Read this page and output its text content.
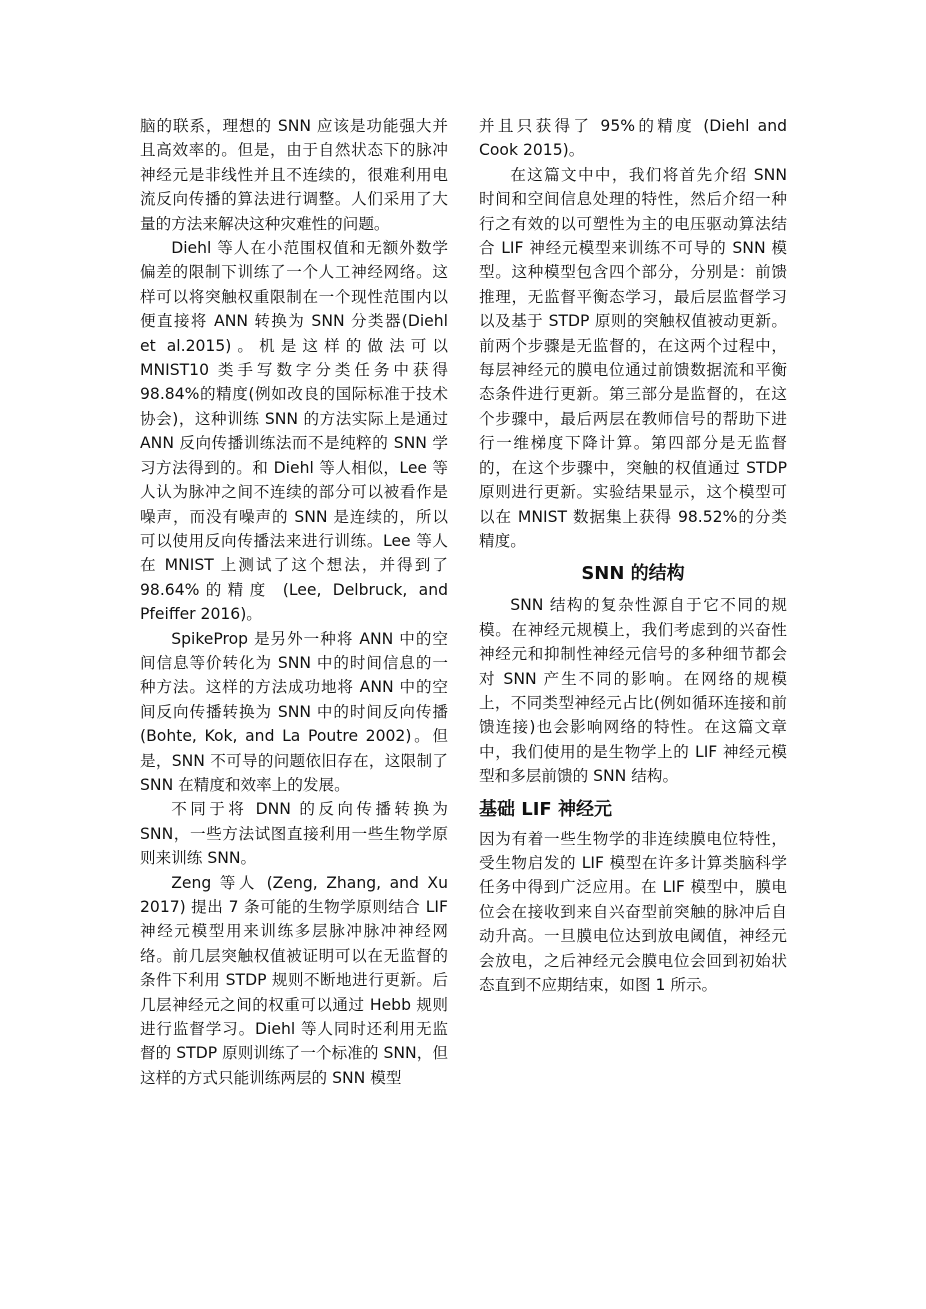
脑的联系，理想的 SNN 应该是功能强大并且高效率的。但是，由于自然状态下的脉冲神经元是非线性并且不连续的，很难利用电流反向传播的算法进行调整。人们采用了大量的方法来解决这种灾难性的问题。

Diehl 等人在小范围权值和无额外数学偏差的限制下训练了一个人工神经网络。这样可以将突触权重限制在一个现性范围内以便直接将 ANN 转换为 SNN 分类器(Diehl et al.2015)。机是这样的做法可以 MNIST10 类手写数字分类任务中获得 98.84%的精度(例如改良的国际标准于技术协会)，这种训练 SNN 的方法实际上是通过 ANN 反向传播训练法而不是纯粹的 SNN 学习方法得到的。和 Diehl 等人相似，Lee 等人认为脉冲之间不连续的部分可以被看作是噪声，而没有噪声的 SNN 是连续的，所以可以使用反向传播法来进行训练。Lee 等人在 MNIST 上测试了这个想法，并得到了 98.64%的精度 (Lee, Delbruck, and Pfeiffer 2016)。

SpikeProp 是另外一种将 ANN 中的空间信息等价转化为 SNN 中的时间信息的一种方法。这样的方法成功地将 ANN 中的空间反向传播转换为 SNN 中的时间反向传播(Bohte, Kok, and La Poutre 2002)。但是，SNN 不可导的问题依旧存在，这限制了 SNN 在精度和效率上的发展。

不同于将 DNN 的反向传播转换为 SNN，一些方法试图直接利用一些生物学原则来训练 SNN。

Zeng 等人 (Zeng, Zhang, and Xu 2017) 提出 7 条可能的生物学原则结合 LIF 神经元模型用来训练多层脉冲脉冲神经网络。前几层突触权值被证明可以在无监督的条件下利用 STDP 规则不断地进行更新。后几层神经元之间的权重可以通过 Hebb 规则进行监督学习。Diehl 等人同时还利用无监督的 STDP 原则训练了一个标准的 SNN，但这样的方式只能训练两层的 SNN 模型

并且只获得了 95%的精度 (Diehl and Cook 2015)。

在这篇文中中，我们将首先介绍 SNN 时间和空间信息处理的特性，然后介绍一种行之有效的以可塑性为主的电压驱动算法结合 LIF 神经元模型来训练不可导的 SNN 模型。这种模型包含四个部分，分别是：前馈推理，无监督平衡态学习，最后层监督学习以及基于 STDP 原则的突触权值被动更新。前两个步骤是无监督的，在这两个过程中，每层神经元的膜电位通过前馈数据流和平衡态条件进行更新。第三部分是监督的，在这个步骤中，最后两层在教师信号的帮助下进行一维梯度下降计算。第四部分是无监督的，在这个步骤中，突触的权值通过 STDP 原则进行更新。实验结果显示，这个模型可以在 MNIST 数据集上获得 98.52%的分类精度。

SNN 的结构

SNN 结构的复杂性源自于它不同的规模。在神经元规模上，我们考虑到的兴奋性神经元和抑制性神经元信号的多种细节都会对 SNN 产生不同的影响。在网络的规模上，不同类型神经元占比(例如循环连接和前馈连接)也会影响网络的特性。在这篇文章中，我们使用的是生物学上的 LIF 神经元模型和多层前馈的 SNN 结构。

基础 LIF 神经元

因为有着一些生物学的非连续膜电位特性，受生物启发的 LIF 模型在许多计算类脑科学任务中得到广泛应用。在 LIF 模型中，膜电位会在接收到来自兴奋型前突触的脉冲后自动升高。一旦膜电位达到放电阈值，神经元会放电，之后神经元会膜电位会回到初始状态直到不应期结束，如图 1 所示。
